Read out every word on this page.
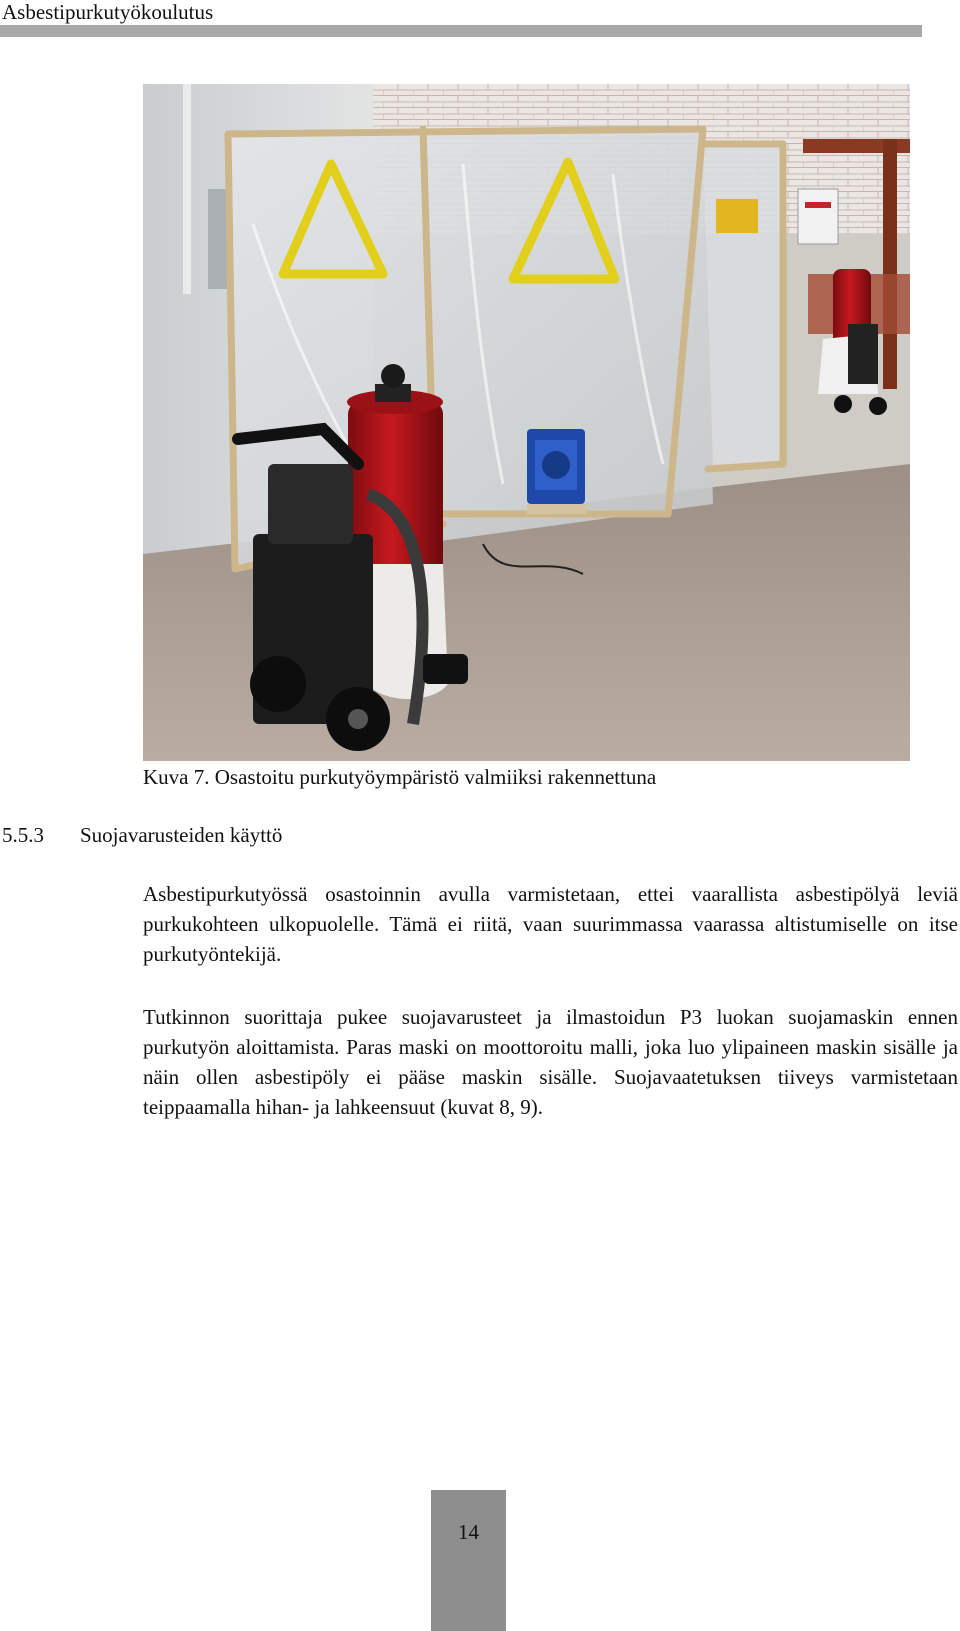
Asbestipurkutyökoulutus
Kuva 7. Osastoitu purkutyöympäristö valmiiksi rakennettuna
5.5.3 Suojavarusteiden käyttö

Asbestipurkutyössä osastoinnin avulla varmistetaan, ettei vaarallista asbestipölyä leviä purkukohteen ulkopuolelle. Tämä ei riitä, vaan suurimmassa vaarassa altistumiselle on itse purkutyöntekijä.

Tutkinnon suorittaja pukee suojavarusteet ja ilmastoidun P3 luokan suojamaskin ennen purkutyön aloittamista. Paras maski on moottoroitu malli, joka luo ylipaineen maskin sisälle ja näin ollen asbestipöly ei pääse maskin sisälle. Suojavaatetuksen tiiveys varmistetaan teippaamalla hihan- ja lahkeensuut (kuvat 8, 9).

14
